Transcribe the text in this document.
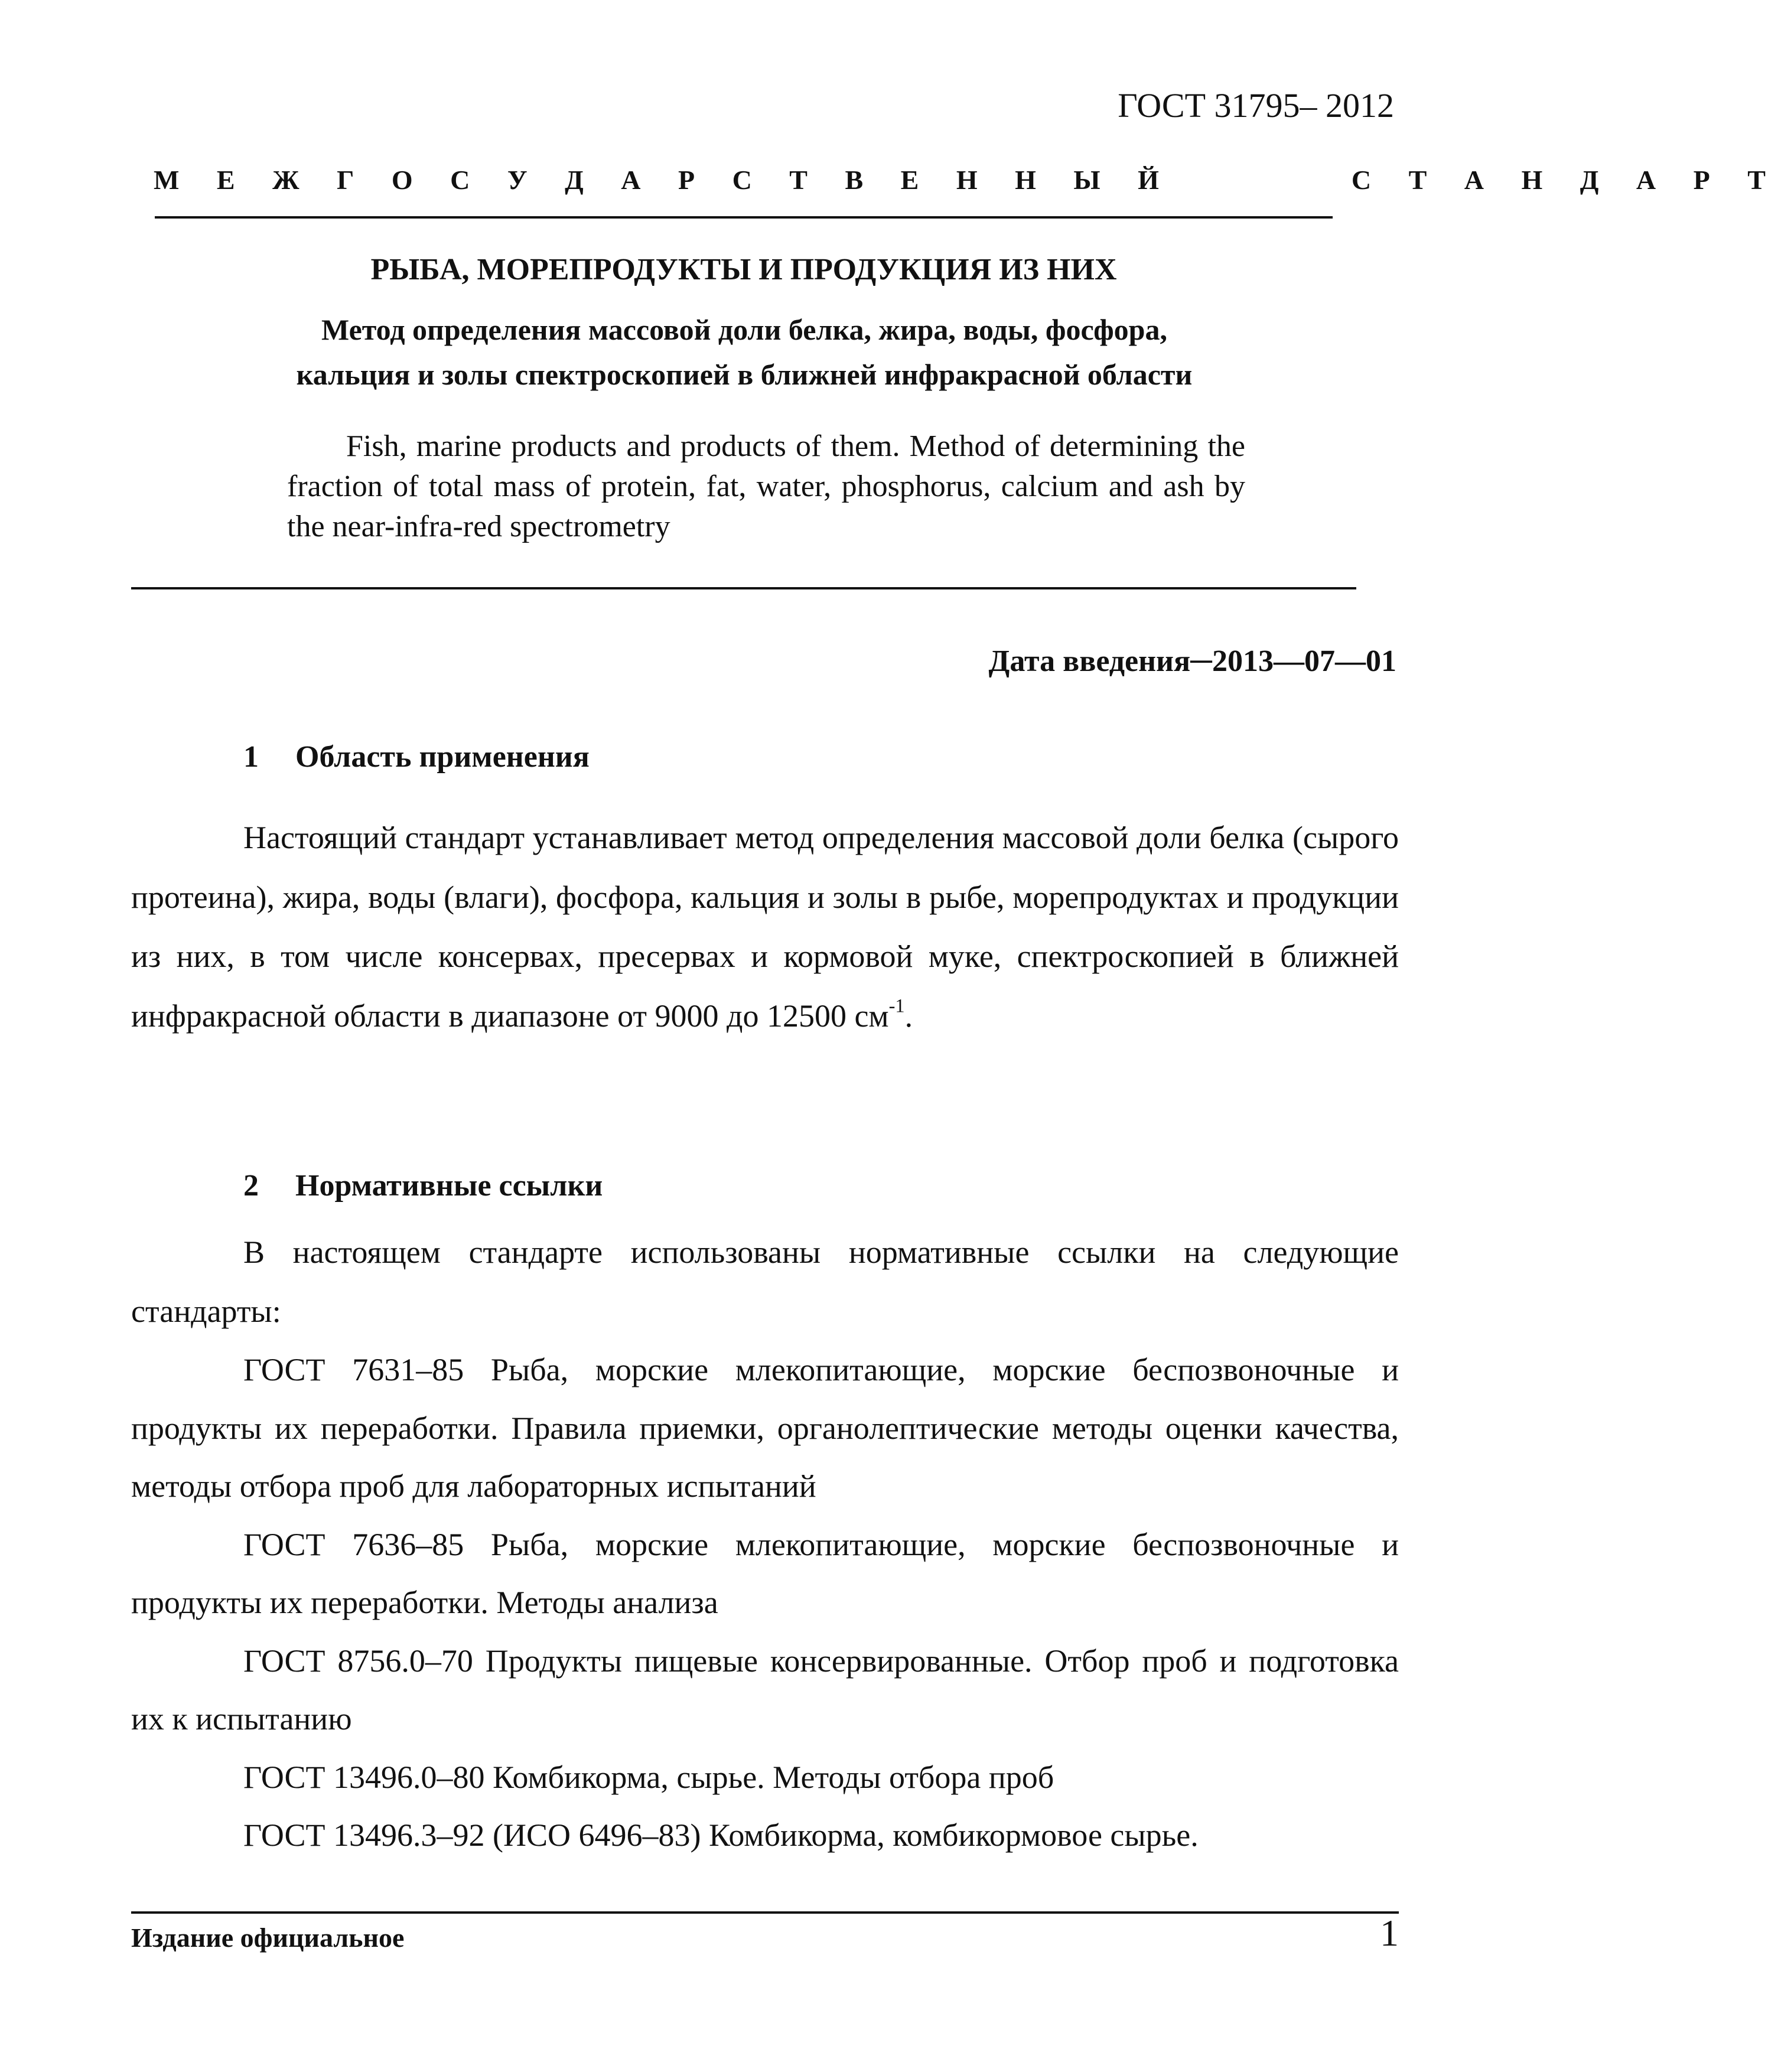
ГОСТ 31795– 2012
М Е Ж Г О С У Д А Р С Т В Е Н Н Ы Й        С Т А Н Д А Р Т
РЫБА, МОРЕПРОДУКТЫ И ПРОДУКЦИЯ ИЗ НИХ
Метод определения массовой доли белка, жира, воды, фосфора,
кальция и золы спектроскопией в ближней инфракрасной области
Fish, marine products and products of them. Method of determining the fraction of total mass of protein, fat, water, phosphorus, calcium and ash by the near-infra-red spectrometry
Дата введения─2013—07—01
1 Область применения
Настоящий стандарт устанавливает метод определения массовой доли белка (сырого протеина), жира, воды (влаги), фосфора, кальция и золы в рыбе, морепродуктах и продукции из них, в том числе консервах, пресервах и кормовой муке, спектроскопией в ближней инфракрасной области в диапазоне от 9000 до 12500 $см^{-1}$.
2 Нормативные ссылки
В настоящем стандарте использованы нормативные ссылки на следующие стандарты:

ГОСТ 7631–85 Рыба, морские млекопитающие, морские беспозвоночные и продукты их переработки. Правила приемки, органолептические методы оценки качества, методы отбора проб для лабораторных испытаний

ГОСТ 7636–85 Рыба, морские млекопитающие, морские беспозвоночные и продукты их переработки. Методы анализа

ГОСТ 8756.0–70 Продукты пищевые консервированные. Отбор проб и подготовка их к испытанию

ГОСТ 13496.0–80 Комбикорма, сырье. Методы отбора проб

ГОСТ 13496.3–92 (ИСО 6496–83) Комбикорма, комбикормовое сырье.

Издание официальное	1
